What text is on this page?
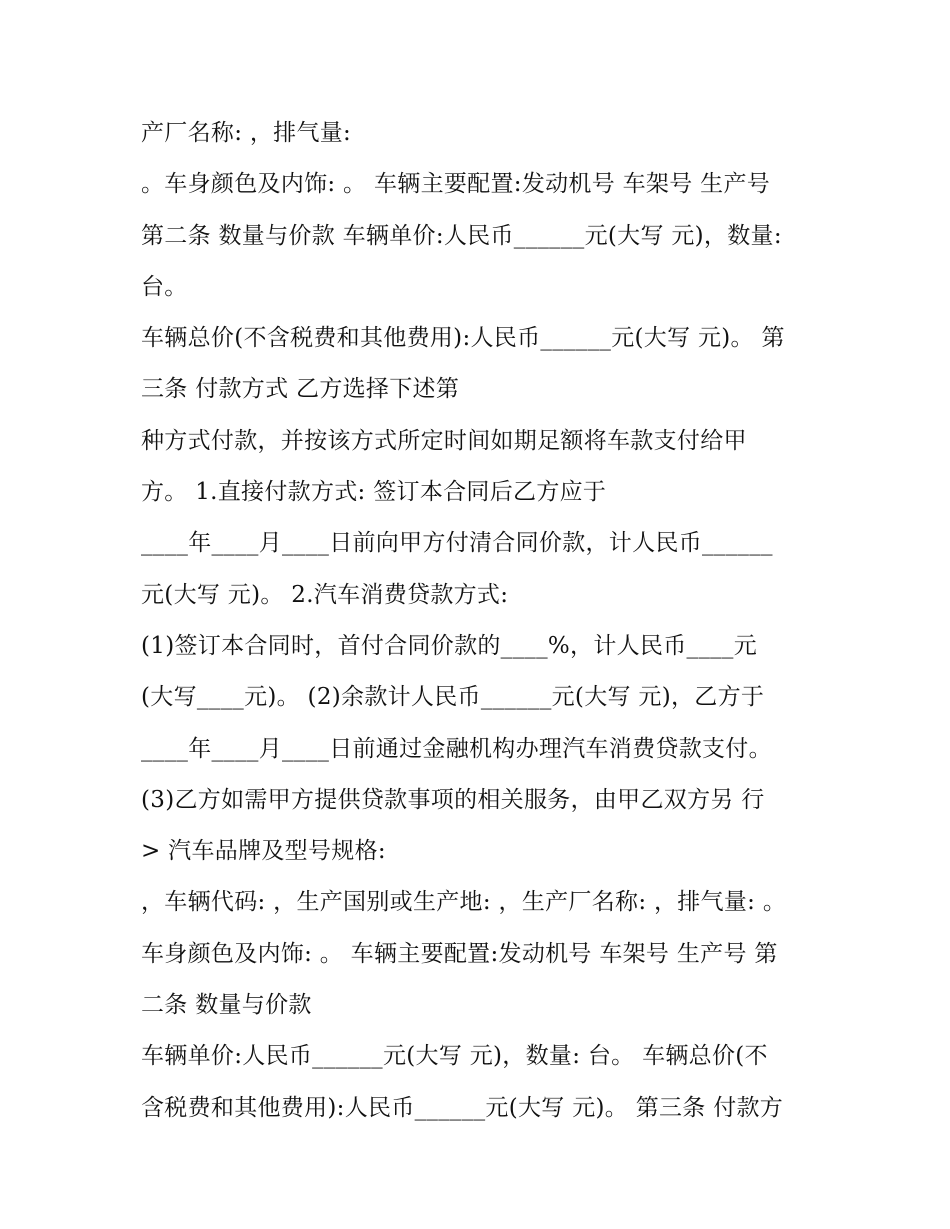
产厂名称: ，排气量:
。车身颜色及内饰: 。 车辆主要配置:发动机号 车架号 生产号
第二条 数量与价款 车辆单价:人民币______元(大写 元)，数量:
台。
车辆总价(不含税费和其他费用):人民币______元(大写 元)。 第
三条 付款方式 乙方选择下述第
种方式付款，并按该方式所定时间如期足额将车款支付给甲
方。 1.直接付款方式: 签订本合同后乙方应于
____年____月____日前向甲方付清合同价款，计人民币______
元(大写 元)。 2.汽车消费贷款方式:
(1)签订本合同时，首付合同价款的____%，计人民币____元
(大写____元)。 (2)余款计人民币______元(大写 元)，乙方于
____年____月____日前通过金融机构办理汽车消费贷款支付。
(3)乙方如需甲方提供贷款事项的相关服务，由甲乙双方另 行
> 汽车品牌及型号规格:
，车辆代码: ，生产国别或生产地: ，生产厂名称: ，排气量: 。
车身颜色及内饰: 。 车辆主要配置:发动机号 车架号 生产号 第
二条 数量与价款
车辆单价:人民币______元(大写 元)，数量: 台。 车辆总价(不
含税费和其他费用):人民币______元(大写 元)。 第三条 付款方
